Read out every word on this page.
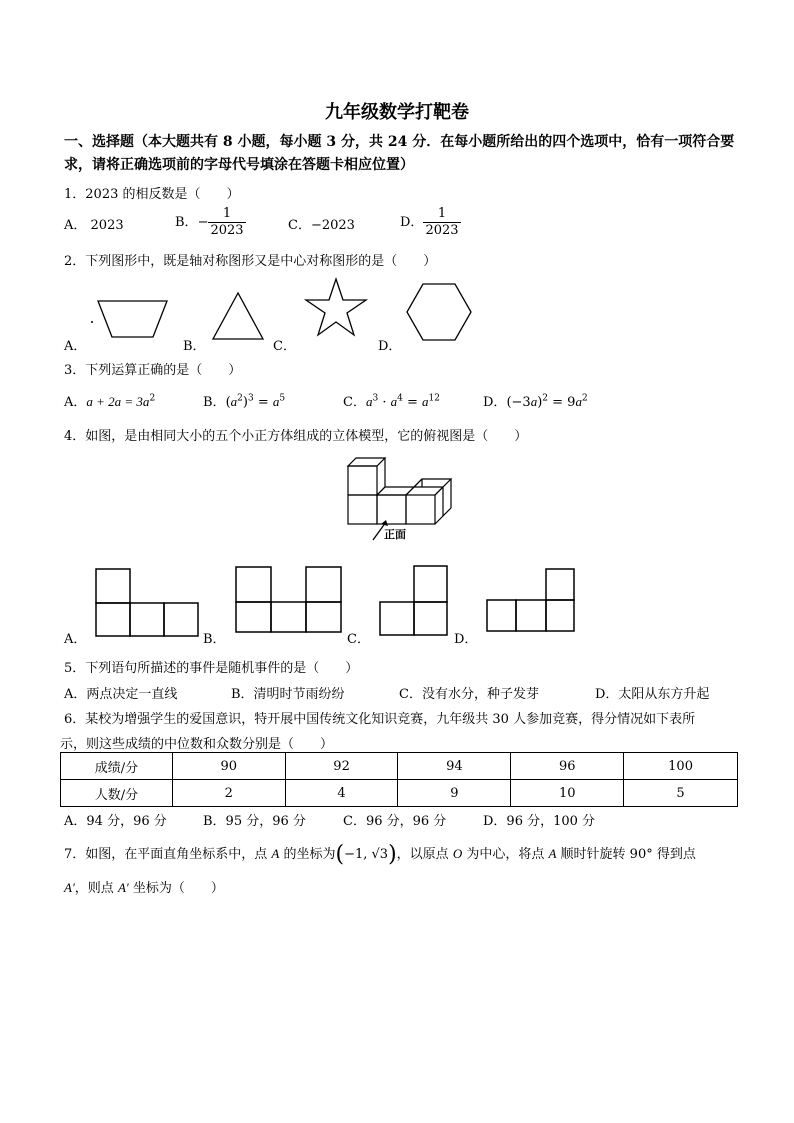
九年级数学打靶卷
一、选择题（本大题共有 8 小题，每小题 3 分，共 24 分．在每小题所给出的四个选项中，恰有一项符合要求，请将正确选项前的字母代号填涂在答题卡相应位置）
1．2023 的相反数是（　　）
A． 2023	B．− $\frac{1}{2023}$	C．−2023	D． $\frac{1}{2023}$
2．下列图形中，既是轴对称图形又是中心对称图形的是（　　）
A．	B．	C．	D．
3．下列运算正确的是（　　）
A．$a + 2a = 3a^2$	B．$(a^2)^3 = a^5$	C．$a^3 \cdot a^4 = a^{12}$	D．$(-3a)^2 = 9a^2$
4．如图，是由相同大小的五个小正方体组成的立体模型，它的俯视图是（　　）
正面
A．	B．	C．	D．
5．下列语句所描述的事件是随机事件的是（　　）
A．两点决定一直线	B．清明时节雨纷纷	C．没有水分，种子发芽	D．太阳从东方升起
6．某校为增强学生的爱国意识，特开展中国传统文化知识竞赛，九年级共 30 人参加竞赛，得分情况如下表所
示，则这些成绩的中位数和众数分别是（　　）
成绩/分	90	92	94	96	100
人数/分	2	4	9	10	5
A．94 分，96 分	B．95 分，96 分	C．96 分，96 分	D．96 分，100 分
7．如图，在平面直角坐标系中，点 A 的坐标为(−1, √3)，以原点 O 为中心，将点 A 顺时针旋转 90° 得到点
A′，则点 A′ 坐标为（　　）
